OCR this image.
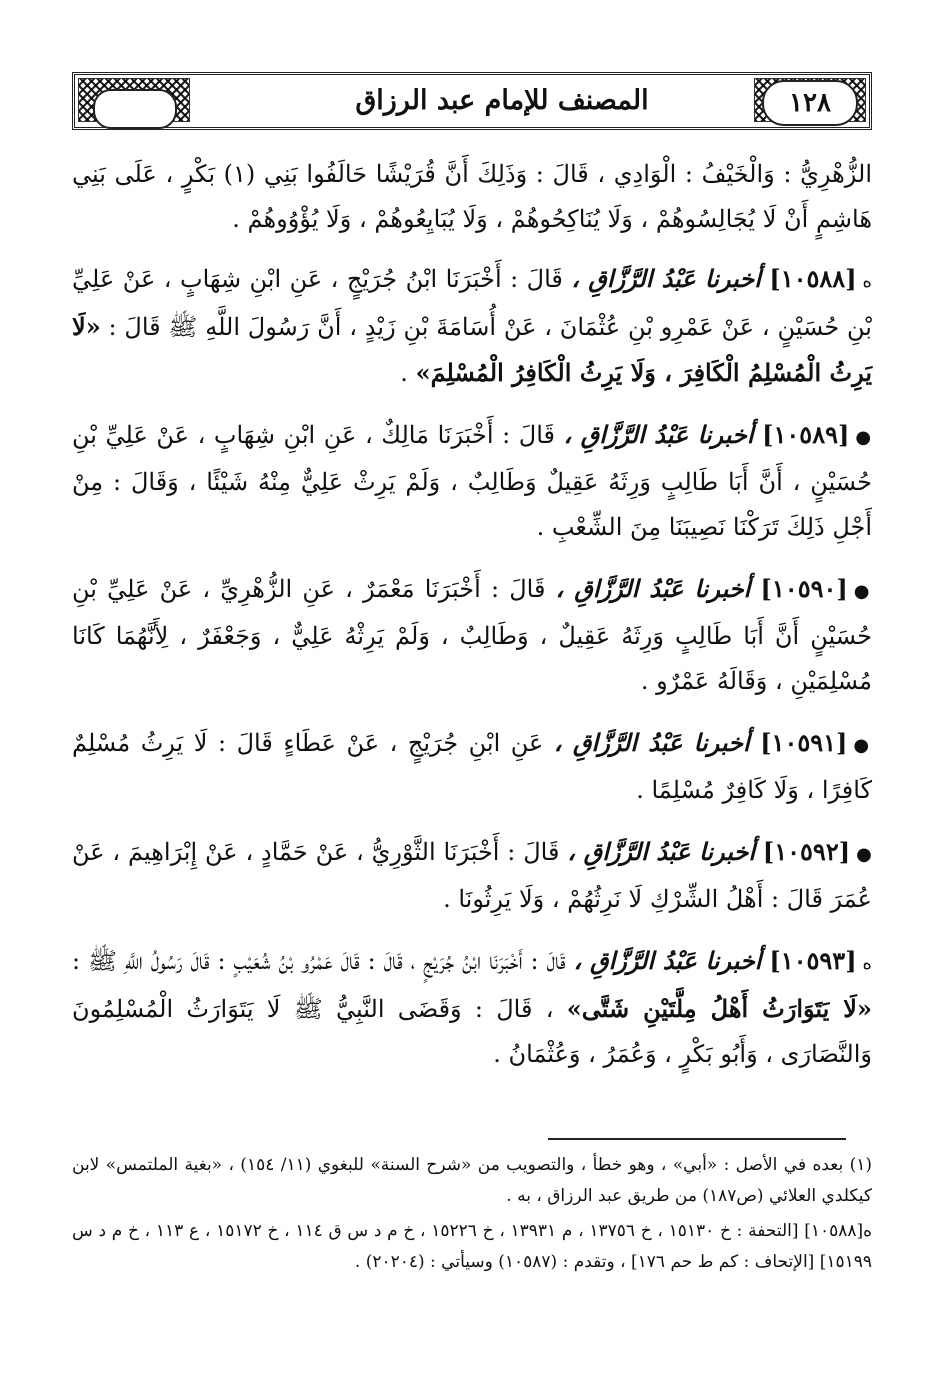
المصنف للإمام عبد الرزاق	١٢٨

الزُّهْرِيُّ : وَالْخَيْفُ : الْوَادِي ، قَالَ : وَذَلِكَ أَنَّ قُرَيْشًا حَالَفُوا بَنِي (١) بَكْرٍ ، عَلَى بَنِي هَاشِمٍ أَنْ لَا يُجَالِسُوهُمْ ، وَلَا يُنَاكِحُوهُمْ ، وَلَا يُبَايِعُوهُمْ ، وَلَا يُؤْوُوهُمْ .

ه[١٠٥٨٨] أخبرنا عَبْدُ الرَّزَّاقِ ، قَالَ : أَخْبَرَنَا ابْنُ جُرَيْجٍ ، عَنِ ابْنِ شِهَابٍ ، عَنْ عَلِيِّ بْنِ حُسَيْنٍ ، عَنْ عَمْرِو بْنِ عُثْمَانَ ، عَنْ أُسَامَةَ بْنِ زَيْدٍ ، أَنَّ رَسُولَ اللَّهِ ﷺ قَالَ : «لَا يَرِثُ الْمُسْلِمُ الْكَافِرَ ، وَلَا يَرِثُ الْكَافِرُ الْمُسْلِمَ» .

●[١٠٥٨٩] أخبرنا عَبْدُ الرَّزَّاقِ ، قَالَ : أَخْبَرَنَا مَالِكٌ ، عَنِ ابْنِ شِهَابٍ ، عَنْ عَلِيِّ بْنِ حُسَيْنٍ ، أَنَّ أَبَا طَالِبٍ وَرِثَهُ عَقِيلٌ وَطَالِبٌ ، وَلَمْ يَرِثْ عَلِيٌّ مِنْهُ شَيْئًا ، وَقَالَ : مِنْ أَجْلِ ذَلِكَ تَرَكْنَا نَصِيبَنَا مِنَ الشِّعْبِ .

●[١٠٥٩٠] أخبرنا عَبْدُ الرَّزَّاقِ ، قَالَ : أَخْبَرَنَا مَعْمَرٌ ، عَنِ الزُّهْرِيِّ ، عَنْ عَلِيِّ بْنِ حُسَيْنٍ أَنَّ أَبَا طَالِبٍ وَرِثَهُ عَقِيلٌ ، وَطَالِبٌ ، وَلَمْ يَرِثْهُ عَلِيٌّ ، وَجَعْفَرٌ ، لِأَنَّهُمَا كَانَا مُسْلِمَيْنِ ، وَقَالَهُ عَمْرٌو .

●[١٠٥٩١] أخبرنا عَبْدُ الرَّزَّاقِ ، عَنِ ابْنِ جُرَيْجٍ ، عَنْ عَطَاءٍ قَالَ : لَا يَرِثُ مُسْلِمٌ كَافِرًا ، وَلَا كَافِرٌ مُسْلِمًا .

●[١٠٥٩٢] أخبرنا عَبْدُ الرَّزَّاقِ ، قَالَ : أَخْبَرَنَا الثَّوْرِيُّ ، عَنْ حَمَّادٍ ، عَنْ إِبْرَاهِيمَ ، عَنْ عُمَرَ قَالَ : أَهْلُ الشِّرْكِ لَا نَرِثُهُمْ ، وَلَا يَرِثُونَا .

ه[١٠٥٩٣] أخبرنا عَبْدُ الرَّزَّاقِ ، قَالَ : أَخْبَرَنَا ابْنُ جُرَيْجٍ ، قَالَ : قَالَ عَمْرُو بْنُ شُعَيْبٍ : قَالَ رَسُولُ اللَّهِ ﷺ : «لَا يَتَوَارَثُ أَهْلُ مِلَّتَيْنِ شَتَّى» ، قَالَ : وَقَضَى النَّبِيُّ ﷺ لَا يَتَوَارَثُ الْمُسْلِمُونَ وَالنَّصَارَى ، وَأَبُو بَكْرٍ ، وَعُمَرُ ، وَعُثْمَانُ .

(١) بعده في الأصل : «أبي» ، وهو خطأ ، والتصويب من «شرح السنة» للبغوي (١١/ ١٥٤) ، «بغية الملتمس» لابن كيكلدي العلائي (ص١٨٧) من طريق عبد الرزاق ، به .

ه[١٠٥٨٨] [التحفة : خ ١٥١٣٠ ، خ ١٣٧٥٦ ، م ١٣٩٣١ ، خ ١٥٢٢٦ ، خ م د س ق ١١٤ ، خ ١٥١٧٢ ، ع ١١٣ ، خ م د س ١٥١٩٩] [الإتحاف : كم ط حم ١٧٦] ، وتقدم : (١٠٥٨٧) وسيأتي : (٢٠٢٠٤) .
